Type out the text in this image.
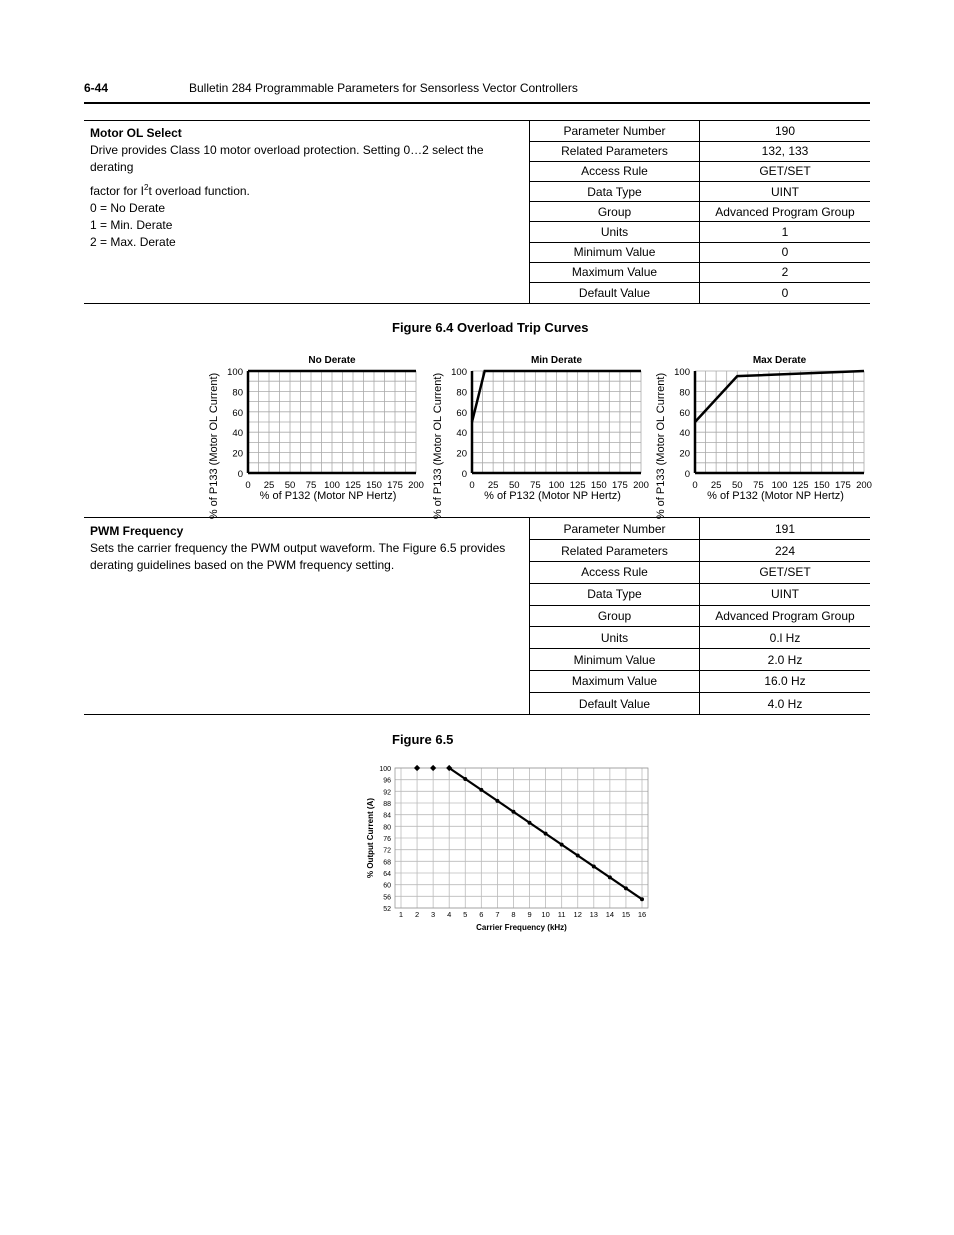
6-44	Bulletin 284 Programmable Parameters for Sensorless Vector Controllers
Motor OL Select
Drive provides Class 10 motor overload protection. Setting 0…2 select the derating
factor for $I^2t$ overload function.
0 = No Derate
1 = Min. Derate
2 = Max. Derate
Parameter Number	190
Related Parameters	132, 133
Access Rule	GET/SET
Data Type	UINT
Group	Advanced Program Group
Units	1
Minimum Value	0
Maximum Value	2
Default Value	0
Figure 6.4 Overload Trip Curves
No Derate
0
20
40
60
80
100
0 25 50 75 100 125 150 175 200
% of P132 (Motor NP Hertz)
% of P133 (Motor OL Current)
Min Derate
0
20
40
60
80
100
0 25 50 75 100 125 150 175 200
% of P132 (Motor NP Hertz)
% of P133 (Motor OL Current)
Max Derate
0
20
40
60
80
100
0 25 50 75 100 125 150 175 200
% of P132 (Motor NP Hertz)
% of P133 (Motor OL Current)
PWM Frequency
Sets the carrier frequency the PWM output waveform. The Figure 6.5 provides derating guidelines based on the PWM frequency setting.
Parameter Number	191
Related Parameters	224
Access Rule	GET/SET
Data Type	UINT
Group	Advanced Program Group
Units	0.l Hz
Minimum Value	2.0 Hz
Maximum Value	16.0 Hz
Default Value	4.0 Hz
Figure 6.5
52
56
60
64
68
72
76
80
84
88
92
96
100
1 2 3 4 5 6 7 8 9 10 11 12 13 14 15 16
Carrier Frequency (kHz)
% Output Current (A)
